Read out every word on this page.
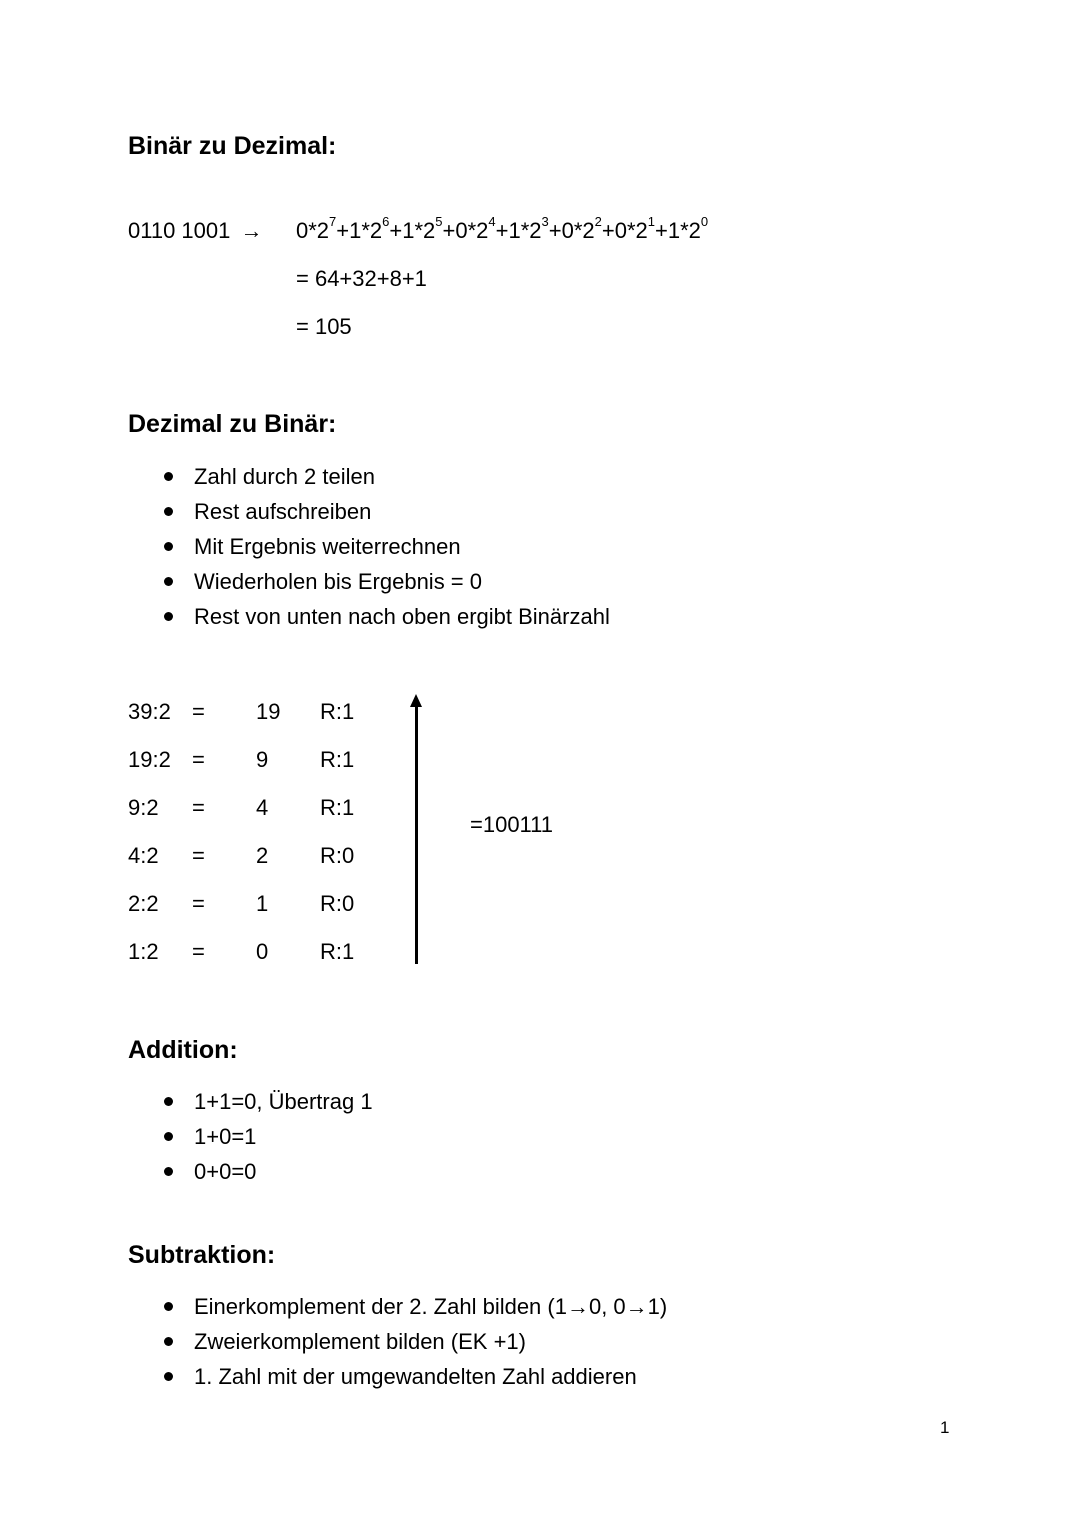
Binär zu Dezimal:
0110 $1001 \to 0*2^7+1*2^6+1*2^5+0*2^4+1*2^3+0*2^2+0*2^1+1*2^0$
= 64+32+8+1
= 105
Dezimal zu Binär:
Zahl durch 2 teilen
Rest aufschreiben
Mit Ergebnis weiterrechnen
Wiederholen bis Ergebnis = 0
Rest von unten nach oben ergibt Binärzahl
39:2 = 19 R:1
19:2 = 9 R:1
9:2 = 4 R:1
4:2 = 2 R:0
2:2 = 1 R:0
1:2 = 0 R:1
=100111
Addition:
1+1=0, Übertrag 1
1+0=1
0+0=0
Subtraktion:
Einerkomplement der 2. Zahl bilden (1→0, 0→1)
Zweierkomplement bilden (EK +1)
1. Zahl mit der umgewandelten Zahl addieren
1
